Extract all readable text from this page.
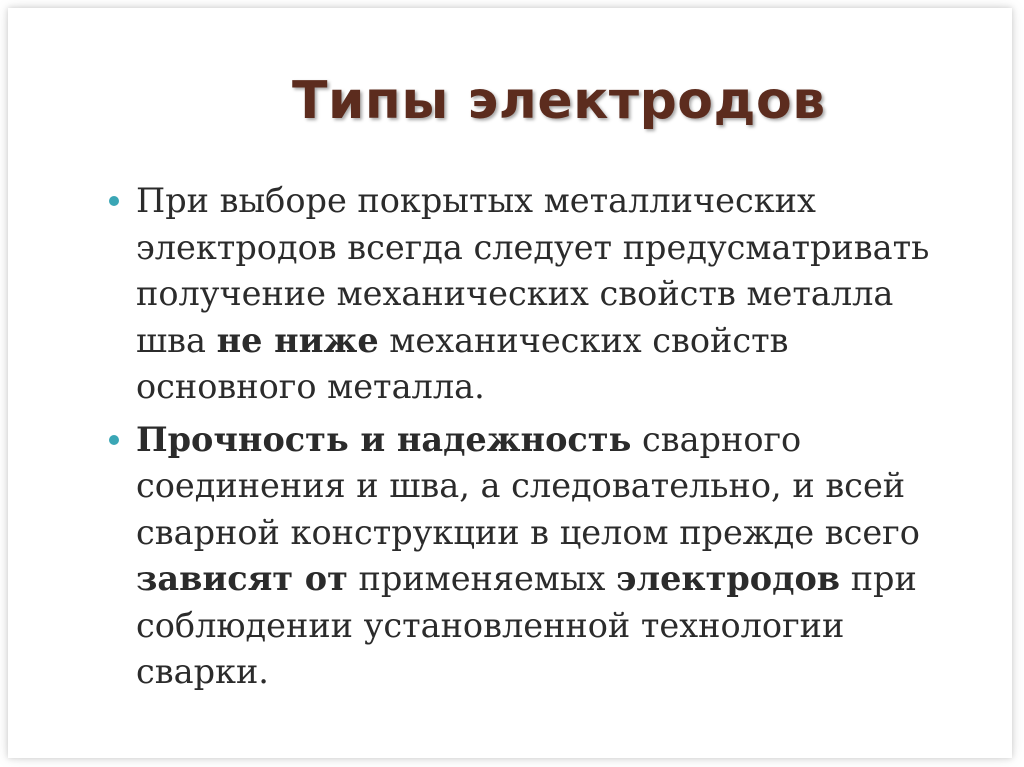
Типы электродов
При выборе покрытых металлических электродов всегда следует предусматривать получение механических свойств металла шва не ниже механических свойств основного металла.
Прочность и надежность сварного соединения и шва, а следовательно, и всей сварной конструкции в целом прежде всего зависят от применяемых электродов при соблюдении установленной технологии сварки.
